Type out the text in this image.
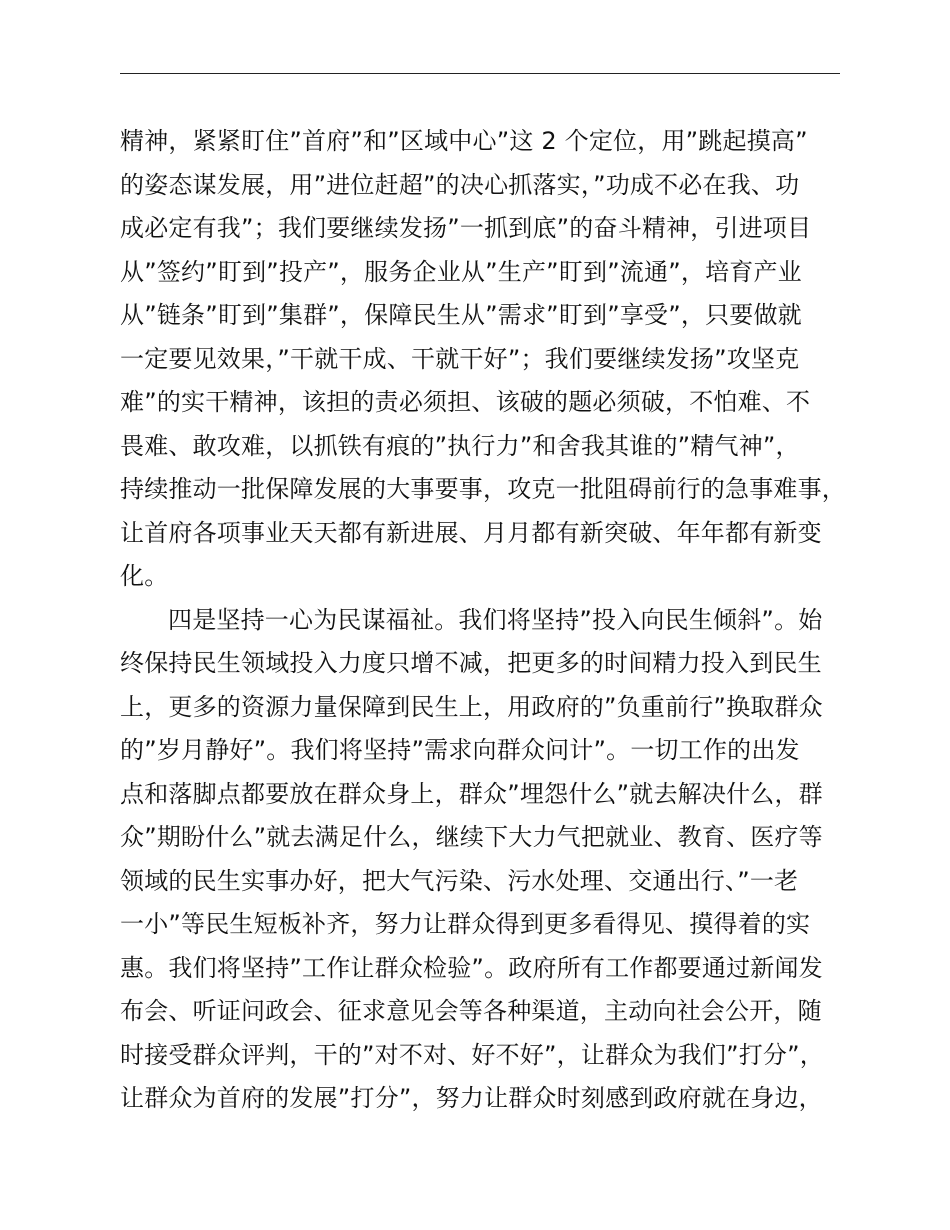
精神，紧紧盯住”首府”和”区域中心”这 2 个定位，用”跳起摸高”
的姿态谋发展，用”进位赶超”的决心抓落实，”功成不必在我、功
成必定有我”；我们要继续发扬”一抓到底”的奋斗精神，引进项目
从”签约”盯到”投产”，服务企业从”生产”盯到”流通”，培育产业
从”链条”盯到”集群”，保障民生从”需求”盯到”享受”，只要做就
一定要见效果，”干就干成、干就干好”；我们要继续发扬”攻坚克
难”的实干精神，该担的责必须担、该破的题必须破，不怕难、不
畏难、敢攻难，以抓铁有痕的”执行力”和舍我其谁的”精气神”，
持续推动一批保障发展的大事要事，攻克一批阻碍前行的急事难事，
让首府各项事业天天都有新进展、月月都有新突破、年年都有新变
化。
四是坚持一心为民谋福祉。我们将坚持”投入向民生倾斜”。始
终保持民生领域投入力度只增不减，把更多的时间精力投入到民生
上，更多的资源力量保障到民生上，用政府的”负重前行”换取群众
的”岁月静好”。我们将坚持”需求向群众问计”。一切工作的出发
点和落脚点都要放在群众身上，群众”埋怨什么”就去解决什么，群
众”期盼什么”就去满足什么，继续下大力气把就业、教育、医疗等
领域的民生实事办好，把大气污染、污水处理、交通出行、”一老
一小”等民生短板补齐，努力让群众得到更多看得见、摸得着的实
惠。我们将坚持”工作让群众检验”。政府所有工作都要通过新闻发
布会、听证问政会、征求意见会等各种渠道，主动向社会公开，随
时接受群众评判，干的”对不对、好不好”，让群众为我们”打分”，
让群众为首府的发展”打分”，努力让群众时刻感到政府就在身边，
